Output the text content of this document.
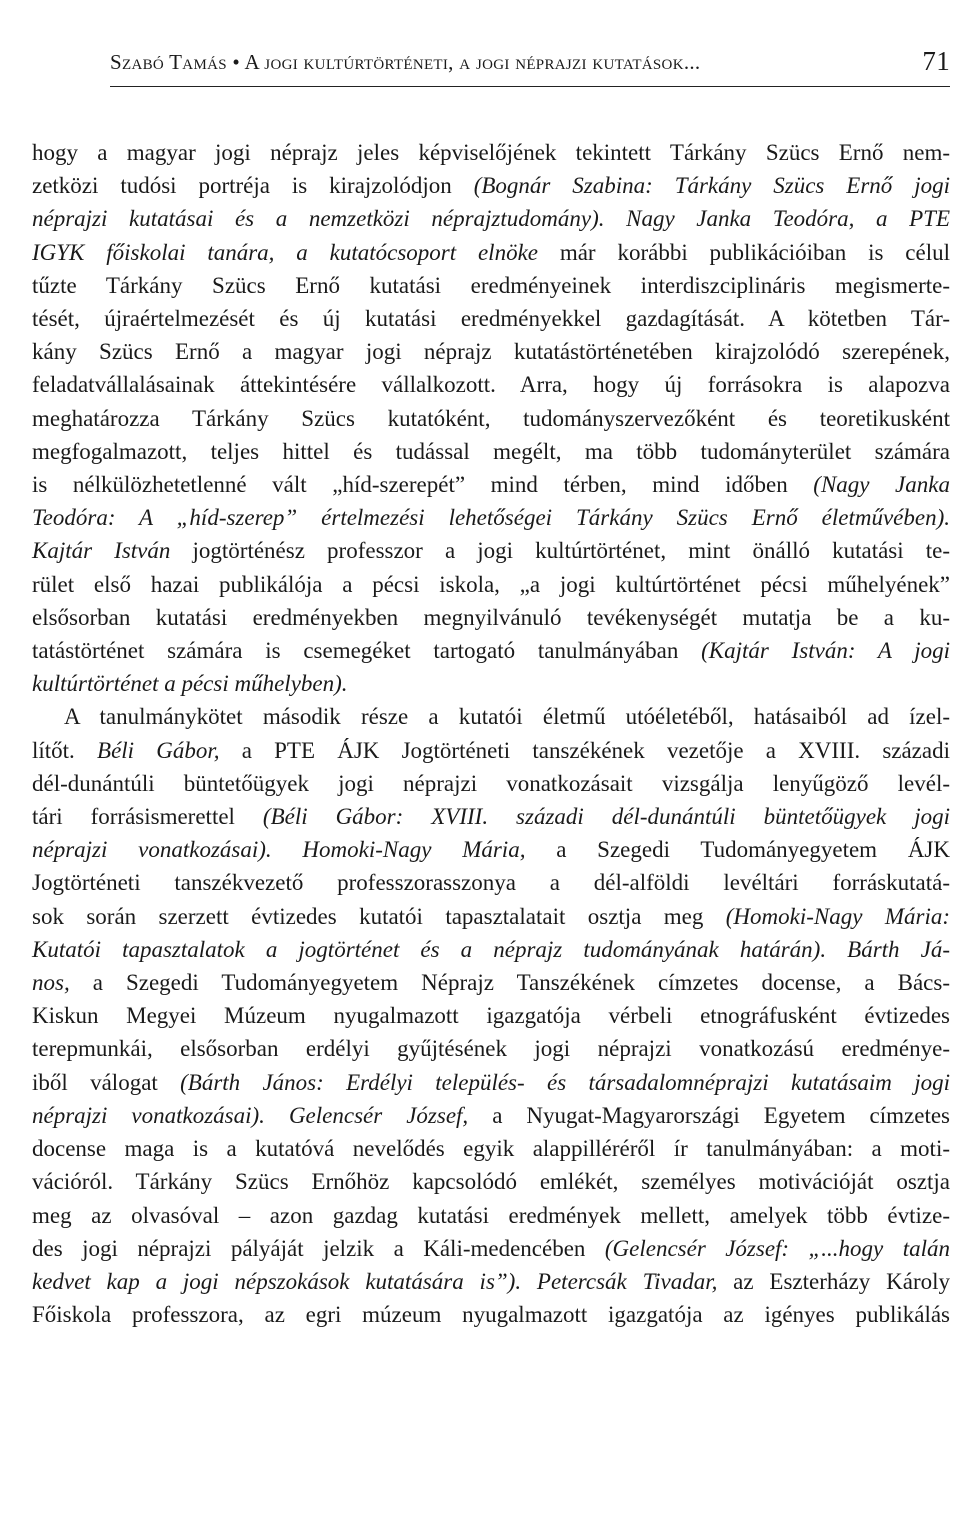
Szabó Tamás • A jogi kultúrtörténeti, a jogi néprajzi kutatások...	71
hogy a magyar jogi néprajz jeles képviselőjének tekintett Tárkány Szücs Ernő nem-
zetközi tudósi portréja is kirajzolódjon (Bognár Szabina: Tárkány Szücs Ernő jogi
néprajzi kutatásai és a nemzetközi néprajztudomány). Nagy Janka Teodóra, a PTE
IGYK főiskolai tanára, a kutatócsoport elnöke már korábbi publikációiban is célul
tűzte Tárkány Szücs Ernő kutatási eredményeinek interdiszciplináris megismerte-
tését, újraértelmezését és új kutatási eredményekkel gazdagítását. A kötetben Tár-
kány Szücs Ernő a magyar jogi néprajz kutatástörténetében kirajzolódó szerepének,
feladatvállalásainak áttekintésére vállalkozott. Arra, hogy új forrásokra is alapozva
meghatározza Tárkány Szücs kutatóként, tudományszervezőként és teoretikusként
megfogalmazott, teljes hittel és tudással megélt, ma több tudományterület számára
is nélkülözhetetlenné vált „híd-szerepét” mind térben, mind időben (Nagy Janka
Teodóra: A „híd-szerep” értelmezési lehetőségei Tárkány Szücs Ernő életművében).
Kajtár István jogtörténész professzor a jogi kultúrtörténet, mint önálló kutatási te-
rület első hazai publikálója a pécsi iskola, „a jogi kultúrtörténet pécsi műhelyének”
elsősorban kutatási eredményekben megnyilvánuló tevékenységét mutatja be a ku-
tatástörténet számára is csemegéket tartogató tanulmányában (Kajtár István: A jogi
kultúrtörténet a pécsi műhelyben).
A tanulmánykötet második része a kutatói életmű utóéletéből, hatásaiból ad ízel-
lítőt. Béli Gábor, a PTE ÁJK Jogtörténeti tanszékének vezetője a XVIII. századi
dél-dunántúli büntetőügyek jogi néprajzi vonatkozásait vizsgálja lenyűgöző levél-
tári forrásismerettel (Béli Gábor: XVIII. századi dél-dunántúli büntetőügyek jogi
néprajzi vonatkozásai). Homoki-Nagy Mária, a Szegedi Tudományegyetem ÁJK
Jogtörténeti tanszékvezető professzorasszonya a dél-alföldi levéltári forráskutatá-
sok során szerzett évtizedes kutatói tapasztalatait osztja meg (Homoki-Nagy Mária:
Kutatói tapasztalatok a jogtörténet és a néprajz tudományának határán). Bárth Já-
nos, a Szegedi Tudományegyetem Néprajz Tanszékének címzetes docense, a Bács-
Kiskun Megyei Múzeum nyugalmazott igazgatója vérbeli etnográfusként évtizedes
terepmunkái, elsősorban erdélyi gyűjtésének jogi néprajzi vonatkozású eredménye-
iből válogat (Bárth János: Erdélyi település- és társadalomnéprajzi kutatásaim jogi
néprajzi vonatkozásai). Gelencsér József, a Nyugat-Magyarországi Egyetem címzetes
docense maga is a kutatóvá nevelődés egyik alappilléréről ír tanulmányában: a moti-
vációról. Tárkány Szücs Ernőhöz kapcsolódó emlékét, személyes motivációját osztja
meg az olvasóval – azon gazdag kutatási eredmények mellett, amelyek több évtize-
des jogi néprajzi pályáját jelzik a Káli-medencében (Gelencsér József: „...hogy talán
kedvet kap a jogi népszokások kutatására is”). Petercsák Tivadar, az Eszterházy Károly
Főiskola professzora, az egri múzeum nyugalmazott igazgatója az igényes publikálás
